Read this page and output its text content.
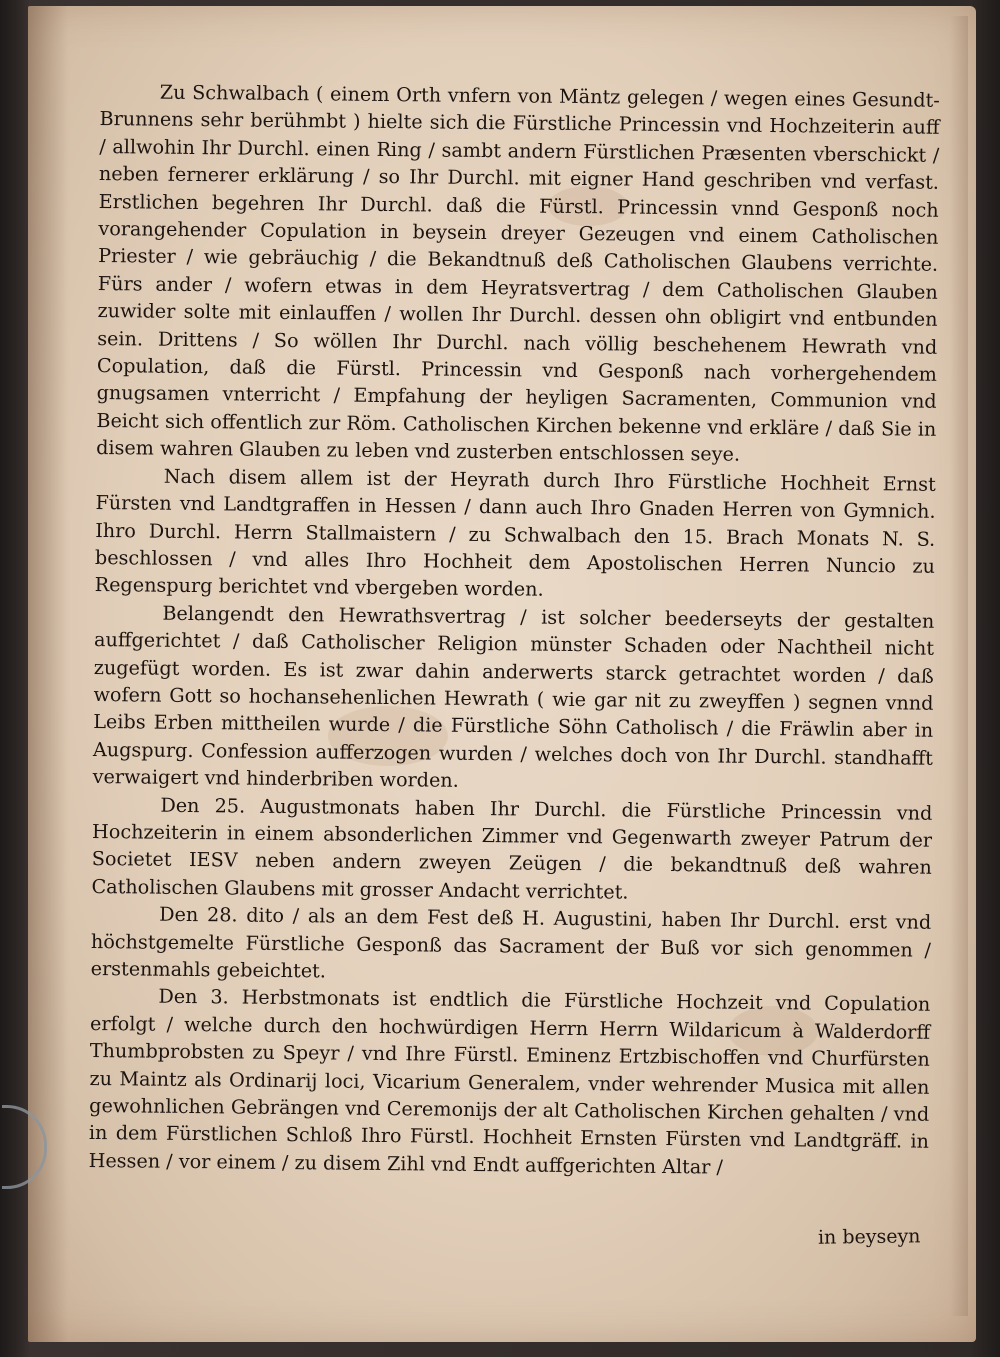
Zu Schwalbach ( einem Orth vnfern von Mäntz gelegen / wegen eines Gesundt-Brunnens sehr berühmbt ) hielte sich die Fürstliche Princessin vnd Hochzeiterin auff / allwohin Ihr Durchl. einen Ring / sambt andern Fürstlichen Præsenten vberschickt / neben fernerer erklärung / so Ihr Durchl. mit eigner Hand geschriben vnd verfast. Erstlichen begehren Ihr Durchl. daß die Fürstl. Princessin vnnd Gesponß noch vorangehender Copulation in beysein dreyer Gezeugen vnd einem Catholischen Priester / wie gebräuchig / die Bekandtnuß deß Catholischen Glaubens verrichte. Fürs ander / wofern etwas in dem Heyratsvertrag / dem Catholischen Glauben zuwider solte mit einlauffen / wollen Ihr Durchl. dessen ohn obligirt vnd entbunden sein. Drittens / So wöllen Ihr Durchl. nach völlig beschehenem Hewrath vnd Copulation, daß die Fürstl. Princessin vnd Gesponß nach vorhergehendem gnugsamen vnterricht / Empfahung der heyligen Sacramenten, Communion vnd Beicht sich offentlich zur Röm. Catholischen Kirchen bekenne vnd erkläre / daß Sie in disem wahren Glauben zu leben vnd zusterben entschlossen seye.

Nach disem allem ist der Heyrath durch Ihro Fürstliche Hochheit Ernst Fürsten vnd Landtgraffen in Hessen / dann auch Ihro Gnaden Herren von Gymnich. Ihro Durchl. Herrn Stallmaistern / zu Schwalbach den 15. Brach Monats N. S. beschlossen / vnd alles Ihro Hochheit dem Apostolischen Herren Nuncio zu Regenspurg berichtet vnd vbergeben worden.

Belangendt den Hewrathsvertrag / ist solcher beederseyts der gestalten auffgerichtet / daß Catholischer Religion münster Schaden oder Nachtheil nicht zugefügt worden. Es ist zwar dahin anderwerts starck getrachtet worden / daß wofern Gott so hochansehenlichen Hewrath ( wie gar nit zu zweyffen ) segnen vnnd Leibs Erben mittheilen wurde / die Fürstliche Söhn Catholisch / die Fräwlin aber in Augspurg. Confession aufferzogen wurden / welches doch von Ihr Durchl. standhafft verwaigert vnd hinderbriben worden.

Den 25. Augustmonats haben Ihr Durchl. die Fürstliche Princessin vnd Hochzeiterin in einem absonderlichen Zimmer vnd Gegenwarth zweyer Patrum der Societet IESV neben andern zweyen Zeügen / die bekandtnuß deß wahren Catholischen Glaubens mit grosser Andacht verrichtet.

Den 28. dito / als an dem Fest deß H. Augustini, haben Ihr Durchl. erst vnd höchstgemelte Fürstliche Gesponß das Sacrament der Buß vor sich genommen / erstenmahls gebeichtet.

Den 3. Herbstmonats ist endtlich die Fürstliche Hochzeit vnd Copulation erfolgt / welche durch den hochwürdigen Herrn Herrn Wildaricum à Walderdorff Thumbprobsten zu Speyr / vnd Ihre Fürstl. Eminenz Ertzbischoffen vnd Churfürsten zu Maintz als Ordinarij loci, Vicarium Generalem, vnder wehrender Musica mit allen gewohnlichen Gebrängen vnd Ceremonijs der alt Catholischen Kirchen gehalten / vnd in dem Fürstlichen Schloß Ihro Fürstl. Hochheit Ernsten Fürsten vnd Landtgräff. in Hessen / vor einem / zu disem Zihl vnd Endt auffgerichten Altar /

in beyseyn
